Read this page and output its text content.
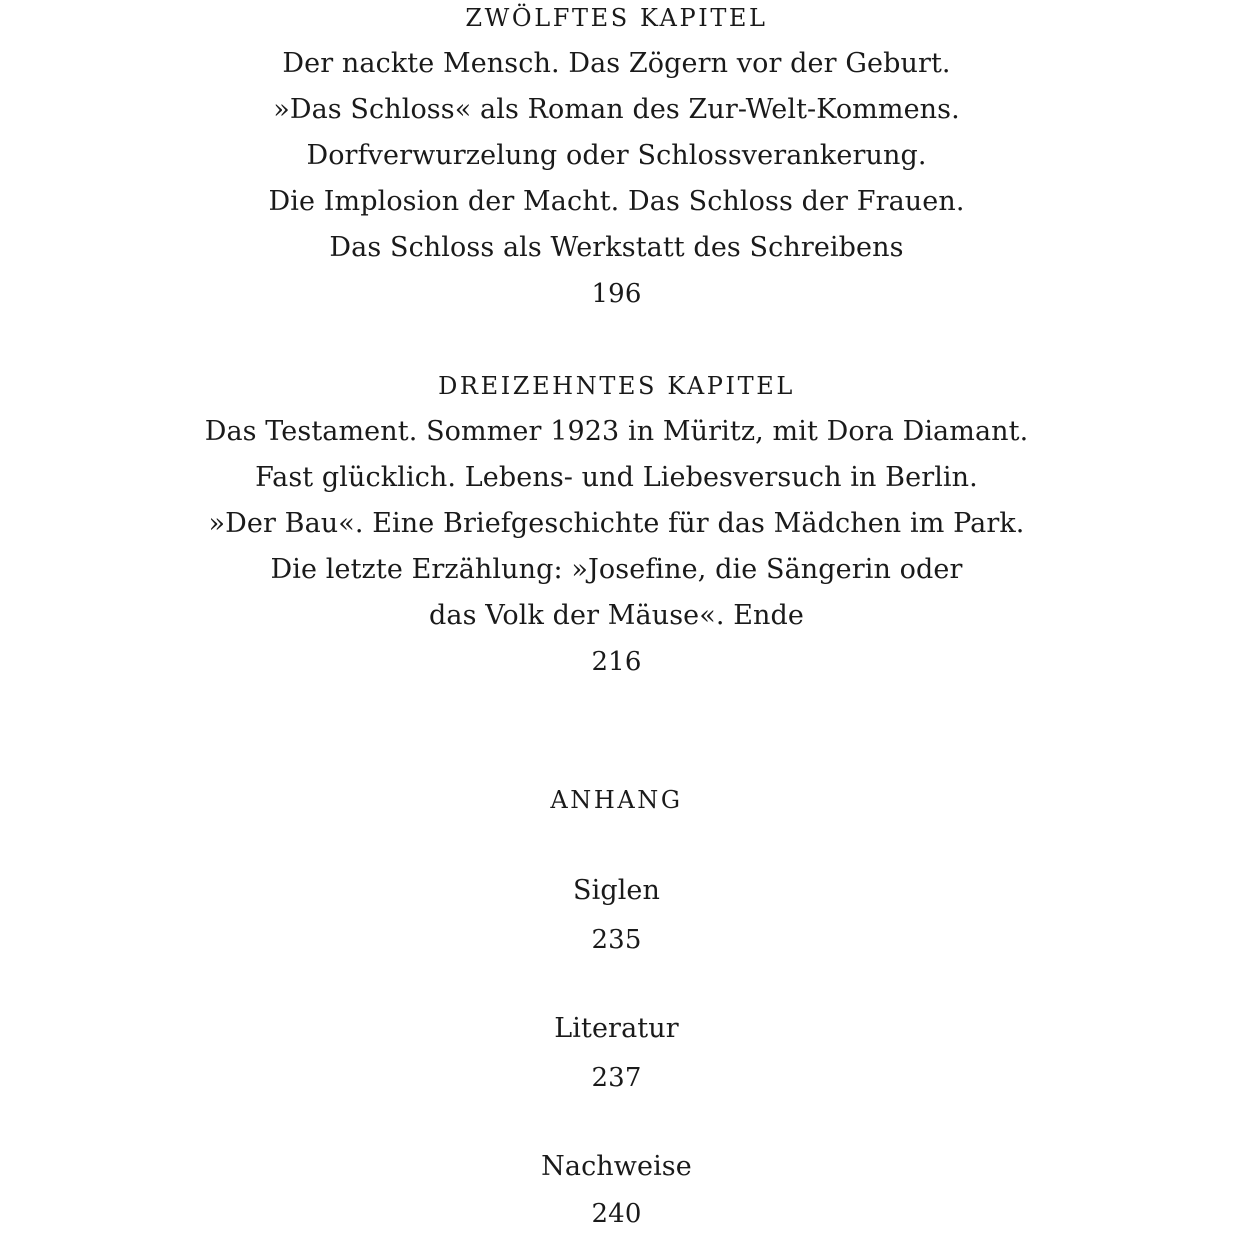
ZWÖLFTES KAPITEL
Der nackte Mensch. Das Zögern vor der Geburt.
»Das Schloss« als Roman des Zur-Welt-Kommens.
Dorfverwurzelung oder Schlossverankerung.
Die Implosion der Macht. Das Schloss der Frauen.
Das Schloss als Werkstatt des Schreibens
196
DREIZEHNTES KAPITEL
Das Testament. Sommer 1923 in Müritz, mit Dora Diamant.
Fast glücklich. Lebens- und Liebesversuch in Berlin.
»Der Bau«. Eine Briefgeschichte für das Mädchen im Park.
Die letzte Erzählung: »Josefine, die Sängerin oder
das Volk der Mäuse«. Ende
216
ANHANG
Siglen
235
Literatur
237
Nachweise
240
